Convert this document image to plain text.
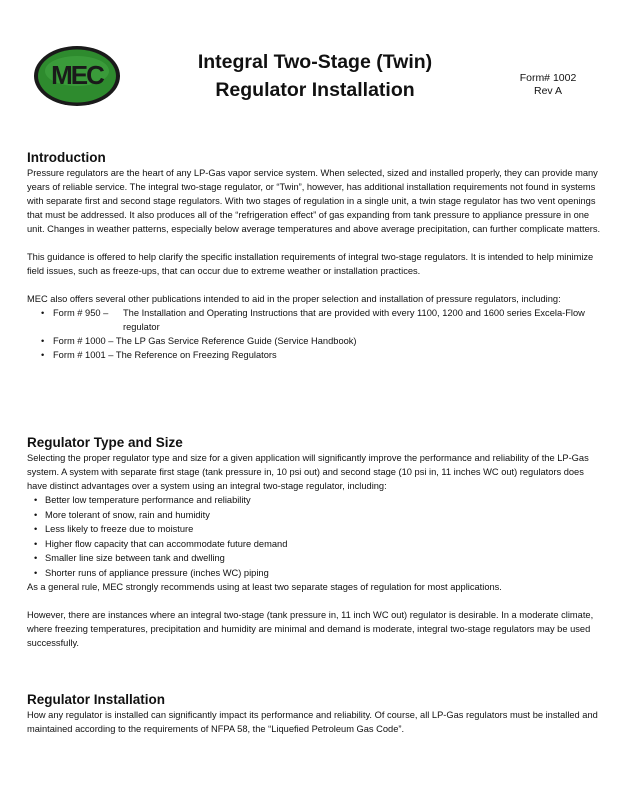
MEC	Integral Two-Stage (Twin)
Regulator Installation
Form# 1002
Rev A
Introduction

Pressure regulators are the heart of any LP-Gas vapor service system. When selected, sized and installed properly, they can provide many years of reliable service. The integral two-stage regulator, or “Twin”, however, has additional installation requirements not found in systems with separate first and second stage regulators. With two stages of regulation in a single unit, a twin stage regulator has two vent openings that must be addressed. It also produces all of the “refrigeration effect” of gas expanding from tank pressure to appliance pressure in one unit. Changes in weather patterns, especially below average temperatures and above average precipitation, can further complicate matters.

This guidance is offered to help clarify the specific installation requirements of integral two-stage regulators. It is intended to help minimize field issues, such as freeze-ups, that can occur due to extreme weather or installation practices.

MEC also offers several other publications intended to aid in the proper selection and installation of pressure regulators, including:

• Form # 950 – The Installation and Operating Instructions that are provided with every 1100, 1200 and 1600 series Excela-Flow regulator
• Form # 1000 – The LP Gas Service Reference Guide (Service Handbook)
• Form # 1001 – The Reference on Freezing Regulators
Regulator Type and Size

Selecting the proper regulator type and size for a given application will significantly improve the performance and reliability of the LP-Gas system. A system with separate first stage (tank pressure in, 10 psi out) and second stage (10 psi in, 11 inches WC out) regulators does have distinct advantages over a system using an integral two-stage regulator, including:

• Better low temperature performance and reliability
• More tolerant of snow, rain and humidity
• Less likely to freeze due to moisture
• Higher flow capacity that can accommodate future demand
• Smaller line size between tank and dwelling
• Shorter runs of appliance pressure (inches WC) piping

As a general rule, MEC strongly recommends using at least two separate stages of regulation for most applications.

However, there are instances where an integral two-stage (tank pressure in, 11 inch WC out) regulator is desirable. In a moderate climate, where freezing temperatures, precipitation and humidity are minimal and demand is moderate, integral two-stage regulators may be used successfully.

Regulator Installation

How any regulator is installed can significantly impact its performance and reliability. Of course, all LP-Gas regulators must be installed and maintained according to the requirements of NFPA 58, the “Liquefied Petroleum Gas Code”.
